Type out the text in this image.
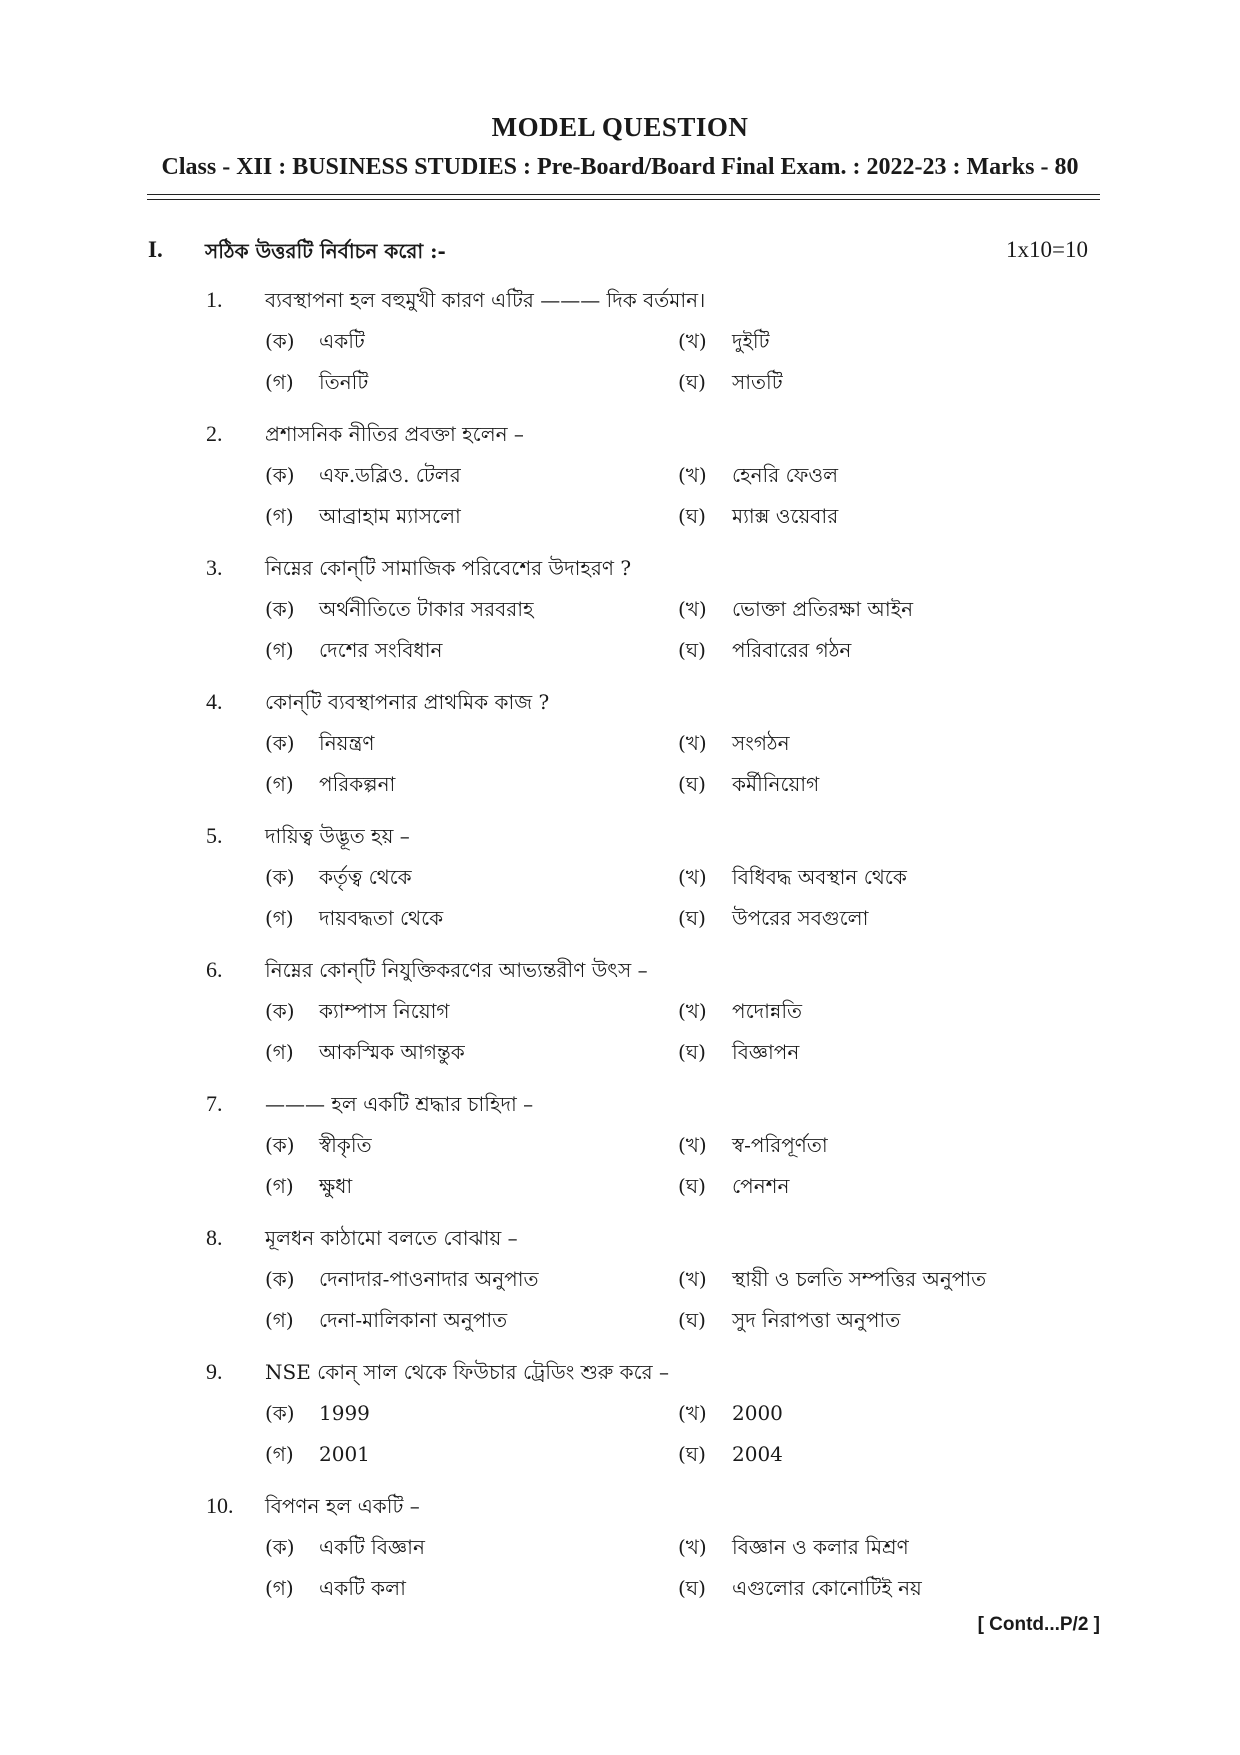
MODEL QUESTION
Class - XII : BUSINESS STUDIES : Pre-Board/Board Final Exam. : 2022-23 : Marks - 80
I. সঠিক উত্তরটি নির্বাচন করো :-	1x10=10
1. ব্যবস্থাপনা হল বহুমুখী কারণ এটির ——— দিক বর্তমান।
(ক) একটি	(খ) দুইটি
(গ) তিনটি	(ঘ) সাতটি
2. প্রশাসনিক নীতির প্রবক্তা হলেন –
(ক) এফ.ডব্লিও. টেলর	(খ) হেনরি ফেওল
(গ) আব্রাহাম ম্যাসলো	(ঘ) ম্যাক্স ওয়েবার
3. নিম্নের কোন্‌টি সামাজিক পরিবেশের উদাহরণ ?
(ক) অর্থনীতিতে টাকার সরবরাহ	(খ) ভোক্তা প্রতিরক্ষা আইন
(গ) দেশের সংবিধান	(ঘ) পরিবারের গঠন
4. কোন্‌টি ব্যবস্থাপনার প্রাথমিক কাজ ?
(ক) নিয়ন্ত্রণ	(খ) সংগঠন
(গ) পরিকল্পনা	(ঘ) কর্মীনিয়োগ
5. দায়িত্ব উদ্ভূত হয় –
(ক) কর্তৃত্ব থেকে	(খ) বিধিবদ্ধ অবস্থান থেকে
(গ) দায়বদ্ধতা থেকে	(ঘ) উপরের সবগুলো
6. নিম্নের কোন্‌টি নিযুক্তিকরণের আভ্যন্তরীণ উৎস –
(ক) ক্যাম্পাস নিয়োগ	(খ) পদোন্নতি
(গ) আকস্মিক আগন্তুক	(ঘ) বিজ্ঞাপন
7. ——— হল একটি শ্রদ্ধার চাহিদা –
(ক) স্বীকৃতি	(খ) স্ব-পরিপূর্ণতা
(গ) ক্ষুধা	(ঘ) পেনশন
8. মূলধন কাঠামো বলতে বোঝায় –
(ক) দেনাদার-পাওনাদার অনুপাত	(খ) স্থায়ী ও চলতি সম্পত্তির অনুপাত
(গ) দেনা-মালিকানা অনুপাত	(ঘ) সুদ নিরাপত্তা অনুপাত
9. NSE কোন্ সাল থেকে ফিউচার ট্রেডিং শুরু করে –
(ক) 1999	(খ) 2000
(গ) 2001	(ঘ) 2004
10. বিপণন হল একটি –
(ক) একটি বিজ্ঞান	(খ) বিজ্ঞান ও কলার মিশ্রণ
(গ) একটি কলা	(ঘ) এগুলোর কোনোটিই নয়
[ Contd...P/2 ]
